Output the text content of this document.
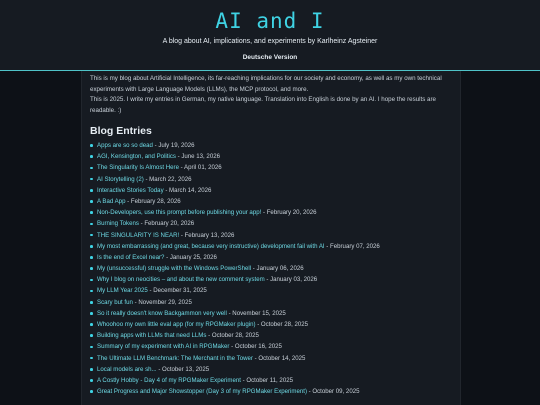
AI and I
A blog about AI, implications, and experiments by Karlheinz Agsteiner
Deutsche Version

This is my blog about Artificial Intelligence, its far-reaching implications for our society and economy, as well as my own technical experiments with Large Language Models (LLMs), the MCP protocol, and more.

This is 2025. I write my entries in German, my native language. Translation into English is done by an AI. I hope the results are readable. :)

Blog Entries
Apps are so so dead - July 19, 2026
AGI, Kensington, and Politics - June 13, 2026
The Singularity Is Almost Here - April 01, 2026
AI Storytelling (2) - March 22, 2026
Interactive Stories Today - March 14, 2026
A Bad App - February 28, 2026
Non-Developers, use this prompt before publishing your app! - February 20, 2026
Burning Tokens - February 20, 2026
THE SINGULARITY IS NEAR! - February 13, 2026
My most embarrassing (and great, because very instructive) development fail with AI - February 07, 2026
Is the end of Excel near? - January 25, 2026
My (unsuccessful) struggle with the Windows PowerShell - January 06, 2026
Why I blog on neocities – and about the new comment system - January 03, 2026
My LLM Year 2025 - December 31, 2025
Scary but fun - November 29, 2025
So it really doesn't know Backgammon very well - November 15, 2025
Whoohoo my own little eval app (for my RPGMaker plugin) - October 28, 2025
Building apps with LLMs that need LLMs - October 28, 2025
Summary of my experiment with AI in RPGMaker - October 16, 2025
The Ultimate LLM Benchmark: The Merchant in the Tower - October 14, 2025
Local models are sh... - October 13, 2025
A Costly Hobby - Day 4 of my RPGMaker Experiment - October 11, 2025
Great Progress and Major Showstopper (Day 3 of my RPGMaker Experiment) - October 09, 2025
